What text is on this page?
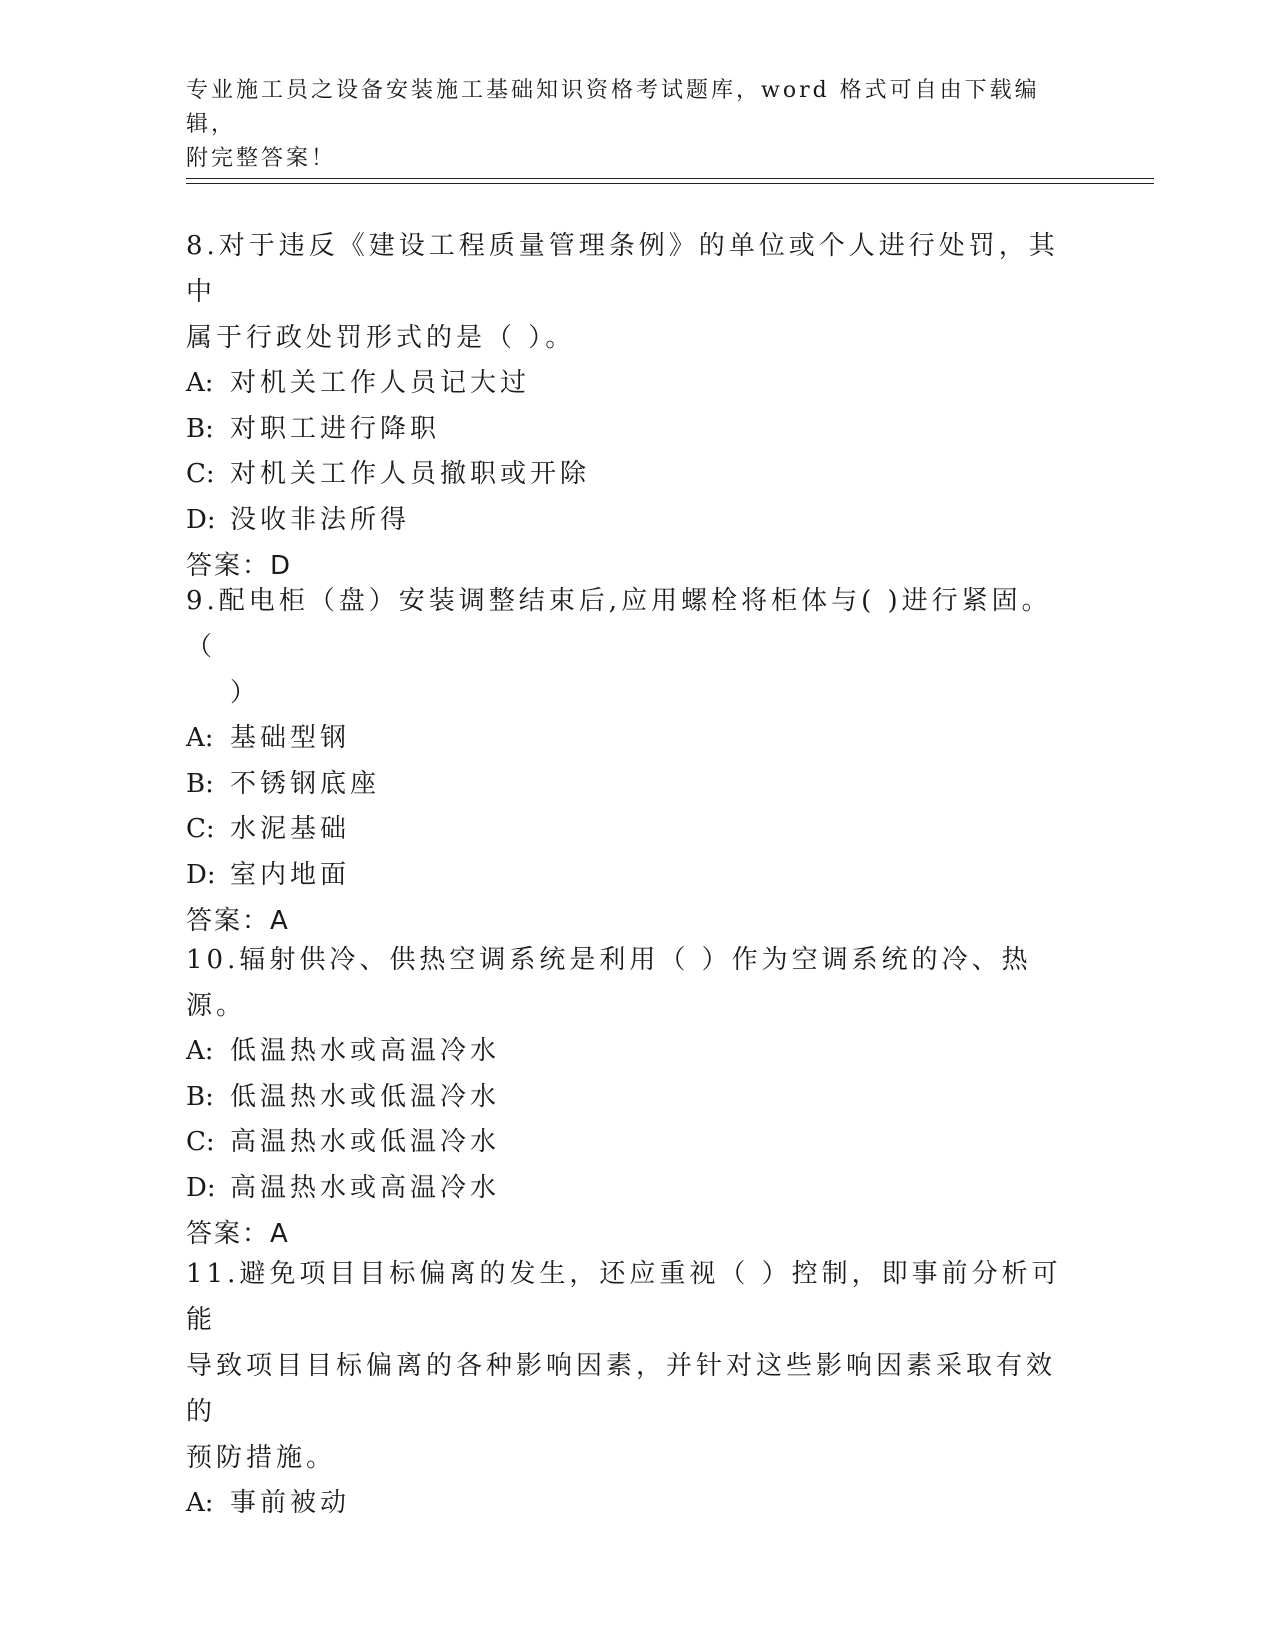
专业施工员之设备安装施工基础知识资格考试题库，word 格式可自由下载编辑，
附完整答案！
8.对于违反《建设工程质量管理条例》的单位或个人进行处罚，其中
属于行政处罚形式的是（ ）。
A: 对机关工作人员记大过
B: 对职工进行降职
C: 对机关工作人员撤职或开除
D: 没收非法所得
答案：D
9.配电柜（盘）安装调整结束后,应用螺栓将柜体与( )进行紧固。（
）
A: 基础型钢
B: 不锈钢底座
C: 水泥基础
D: 室内地面
答案：A
10.辐射供冷、供热空调系统是利用（ ）作为空调系统的冷、热源。
A: 低温热水或高温冷水
B: 低温热水或低温冷水
C: 高温热水或低温冷水
D: 高温热水或高温冷水
答案：A
11.避免项目目标偏离的发生，还应重视（ ）控制，即事前分析可能
导致项目目标偏离的各种影响因素，并针对这些影响因素采取有效的
预防措施。
A: 事前被动
